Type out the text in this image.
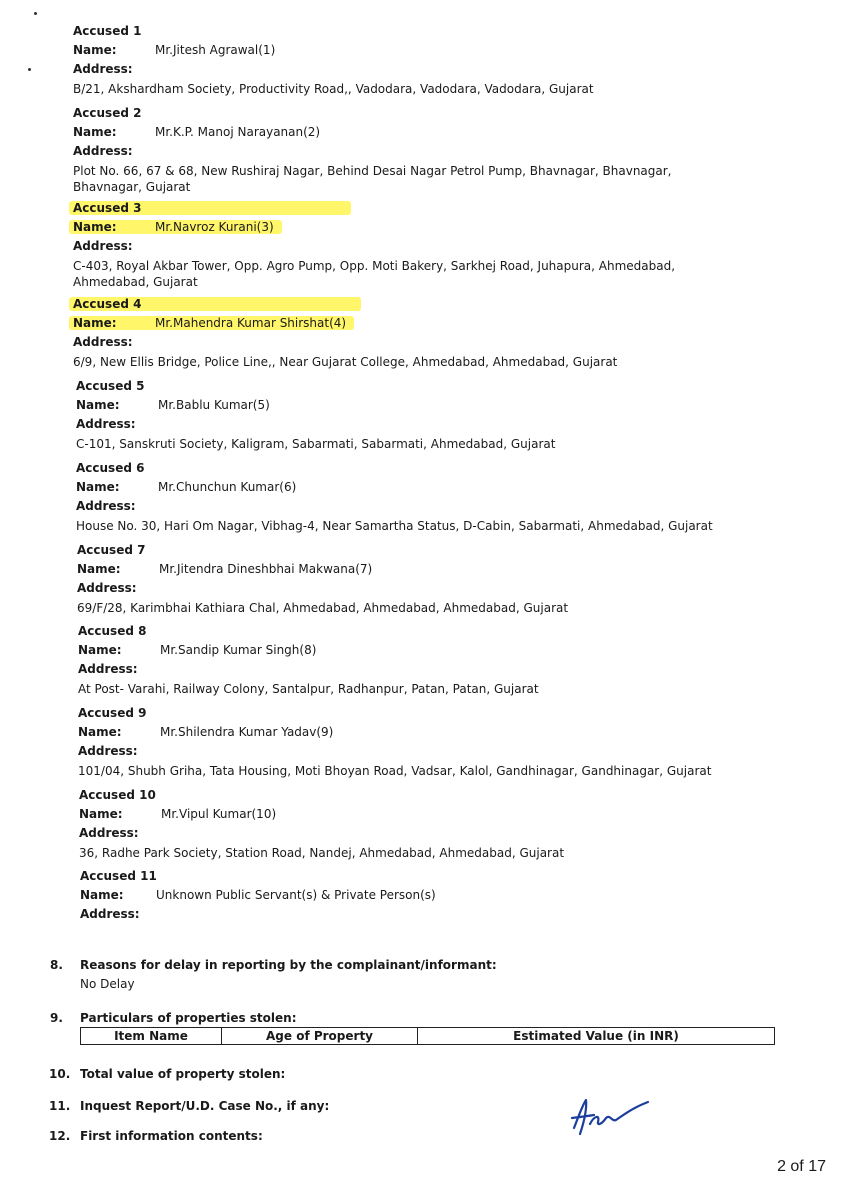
Accused 1
Name:	Mr.Jitesh Agrawal(1)
Address:
B/21, Akshardham Society, Productivity Road,, Vadodara, Vadodara, Vadodara, Gujarat
Accused 2
Name:	Mr.K.P. Manoj Narayanan(2)
Address:
Plot No. 66, 67 & 68, New Rushiraj Nagar, Behind Desai Nagar Petrol Pump, Bhavnagar, Bhavnagar, Bhavnagar, Gujarat
Accused 3
Name:	Mr.Navroz Kurani(3)
Address:
C-403, Royal Akbar Tower, Opp. Agro Pump, Opp. Moti Bakery, Sarkhej Road, Juhapura, Ahmedabad, Ahmedabad, Gujarat
Accused 4
Name:	Mr.Mahendra Kumar Shirshat(4)
Address:
6/9, New Ellis Bridge, Police Line,, Near Gujarat College, Ahmedabad, Ahmedabad, Gujarat
Accused 5
Name:	Mr.Bablu Kumar(5)
Address:
C-101, Sanskruti Society, Kaligram, Sabarmati, Sabarmati, Ahmedabad, Gujarat
Accused 6
Name:	Mr.Chunchun Kumar(6)
Address:
House No. 30, Hari Om Nagar, Vibhag-4, Near Samartha Status, D-Cabin, Sabarmati, Ahmedabad, Gujarat
Accused 7
Name:	Mr.Jitendra Dineshbhai Makwana(7)
Address:
69/F/28, Karimbhai Kathiara Chal, Ahmedabad, Ahmedabad, Ahmedabad, Gujarat
Accused 8
Name:	Mr.Sandip Kumar Singh(8)
Address:
At Post- Varahi, Railway Colony, Santalpur, Radhanpur, Patan, Patan, Gujarat
Accused 9
Name:	Mr.Shilendra Kumar Yadav(9)
Address:
101/04, Shubh Griha, Tata Housing, Moti Bhoyan Road, Vadsar, Kalol, Gandhinagar, Gandhinagar, Gujarat
Accused 10
Name:	Mr.Vipul Kumar(10)
Address:
36, Radhe Park Society, Station Road, Nandej, Ahmedabad, Ahmedabad, Gujarat
Accused 11
Name:	Unknown Public Servant(s) & Private Person(s)
Address:
8. Reasons for delay in reporting by the complainant/informant:
No Delay
9. Particulars of properties stolen:
Item Name	Age of Property	Estimated Value (in INR)
10. Total value of property stolen:
11. Inquest Report/U.D. Case No., if any:
12. First information contents:
2 of 17
